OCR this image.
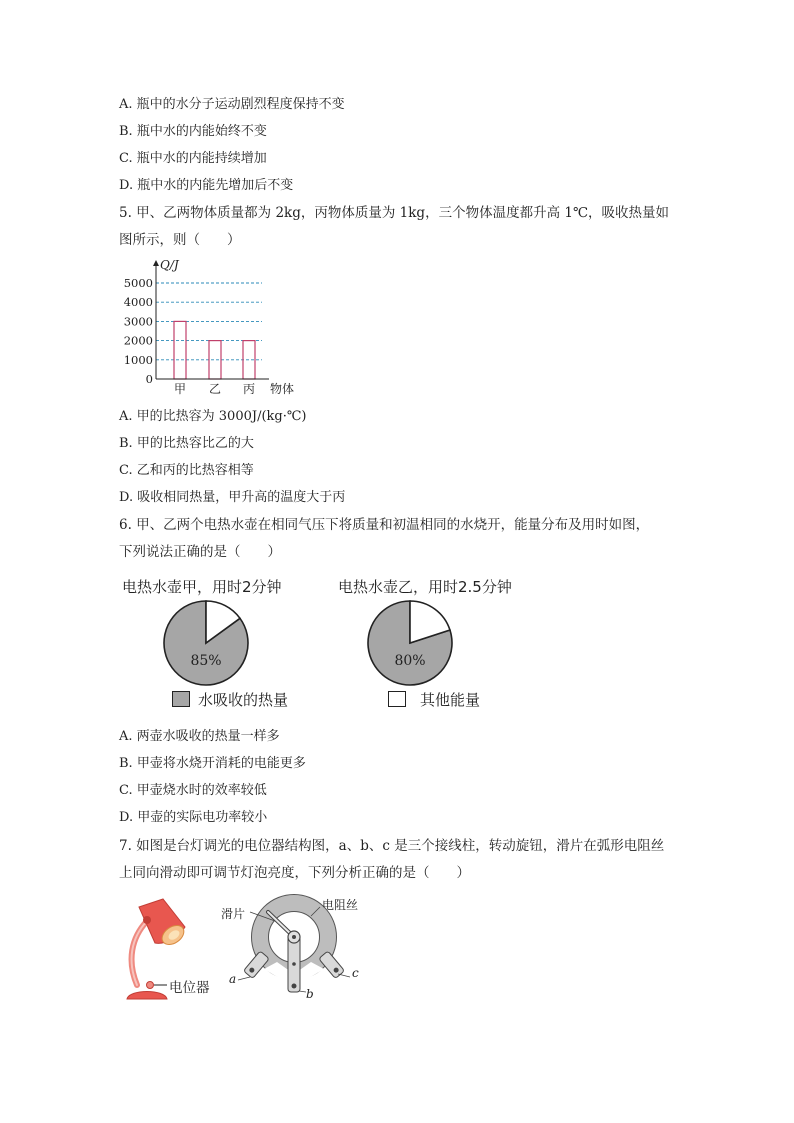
A. 瓶中的水分子运动剧烈程度保持不变
B. 瓶中水的内能始终不变
C. 瓶中水的内能持续增加
D. 瓶中水的内能先增加后不变
5. 甲、乙两物体质量都为 2kg，丙物体质量为 1kg，三个物体温度都升高 1℃，吸收热量如
图所示，则（　　）
0
1000
2000
3000
4000
5000
甲 乙 丙
Q/J
物体
A. 甲的比热容为 3000J/(kg·℃)
B. 甲的比热容比乙的大
C. 乙和丙的比热容相等
D. 吸收相同热量，甲升高的温度大于丙
6. 甲、乙两个电热水壶在相同气压下将质量和初温相同的水烧开，能量分布及用时如图，
下列说法正确的是（　　）
电热水壶甲，用时2分钟	电热水壶乙，用时2.5分钟
85%	80%
水吸收的热量	其他能量
A. 两壶水吸收的热量一样多
B. 甲壶将水烧开消耗的电能更多
C. 甲壶烧水时的效率较低
D. 甲壶的实际电功率较小
7. 如图是台灯调光的电位器结构图，a、b、c 是三个接线柱，转动旋钮，滑片在弧形电阻丝
上同向滑动即可调节灯泡亮度，下列分析正确的是（　　）
电位器
滑片
电阻丝
a
b
c
